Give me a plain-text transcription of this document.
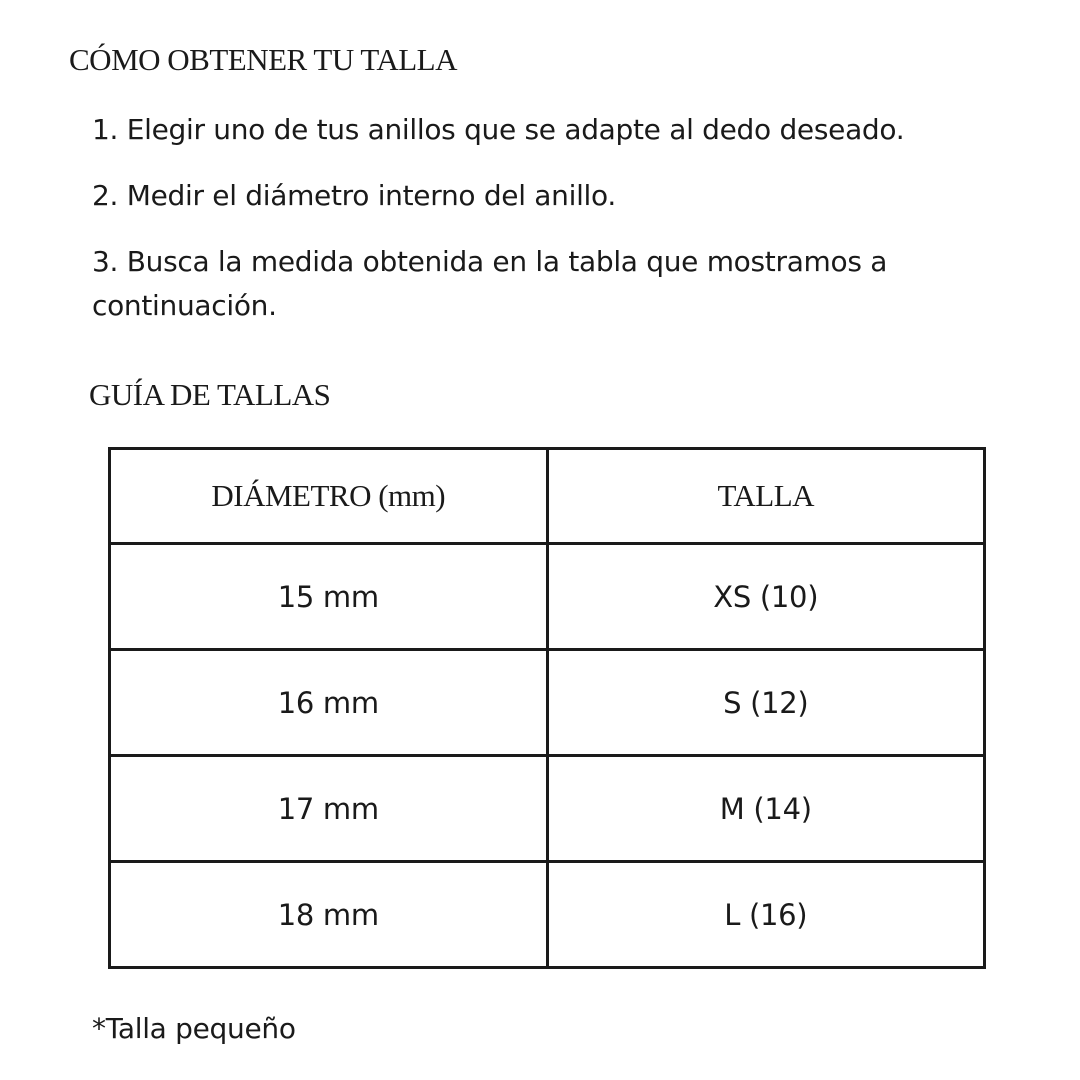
CÓMO OBTENER TU TALLA
1. Elegir uno de tus anillos que se adapte al dedo deseado.
2. Medir el diámetro interno del anillo.
3. Busca la medida obtenida en la tabla que mostramos a continuación.
GUÍA DE TALLAS
DIÁMETRO (mm)	TALLA
15 mm	XS (10)
16 mm	S (12)
17 mm	M (14)
18 mm	L (16)

*Talla pequeño
